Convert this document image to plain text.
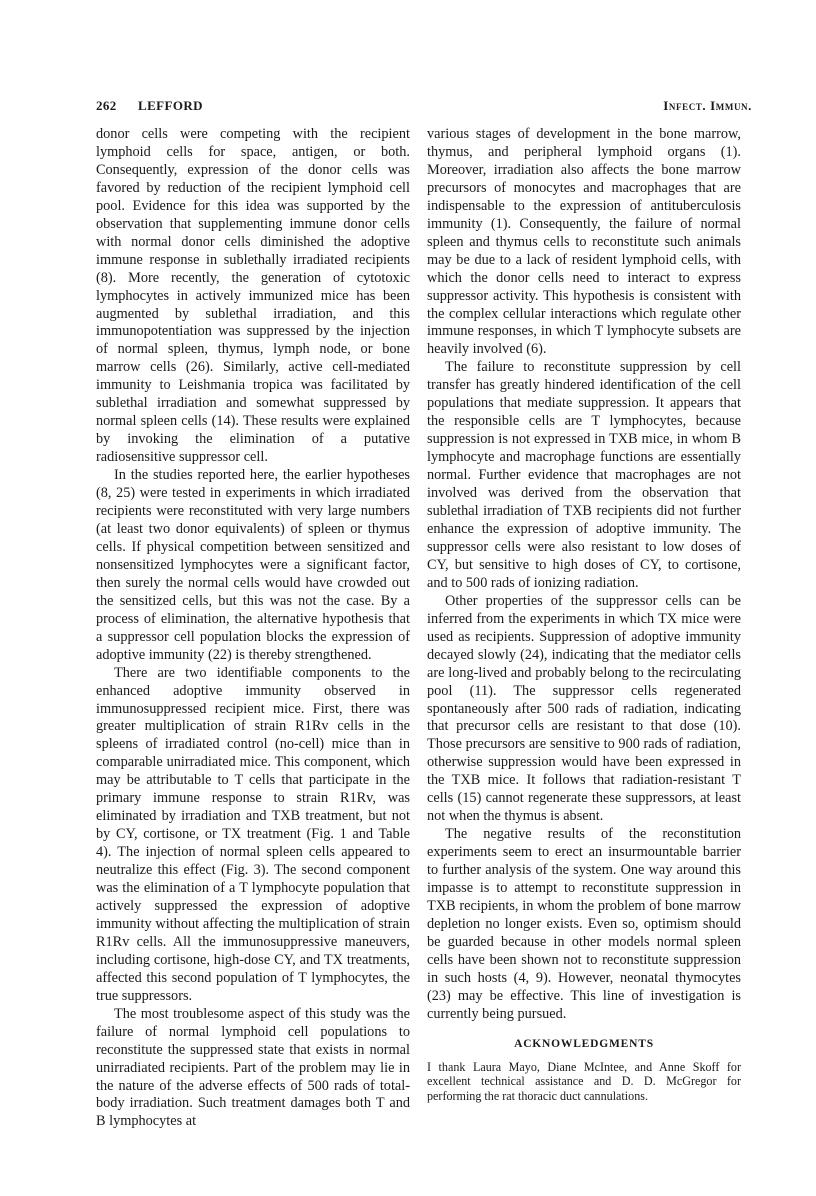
262 LEFFORD	Infect. Immun.

donor cells were competing with the recipient lymphoid cells for space, antigen, or both. Consequently, expression of the donor cells was favored by reduction of the recipient lymphoid cell pool. Evidence for this idea was supported by the observation that supplementing immune donor cells with normal donor cells diminished the adoptive immune response in sublethally irradiated recipients (8). More recently, the generation of cytotoxic lymphocytes in actively immunized mice has been augmented by sublethal irradiation, and this immunopotentiation was suppressed by the injection of normal spleen, thymus, lymph node, or bone marrow cells (26). Similarly, active cell-mediated immunity to Leishmania tropica was facilitated by sublethal irradiation and somewhat suppressed by normal spleen cells (14). These results were explained by invoking the elimination of a putative radiosensitive suppressor cell.

In the studies reported here, the earlier hypotheses (8, 25) were tested in experiments in which irradiated recipients were reconstituted with very large numbers (at least two donor equivalents) of spleen or thymus cells. If physical competition between sensitized and nonsensitized lymphocytes were a significant factor, then surely the normal cells would have crowded out the sensitized cells, but this was not the case. By a process of elimination, the alternative hypothesis that a suppressor cell population blocks the expression of adoptive immunity (22) is thereby strengthened.

There are two identifiable components to the enhanced adoptive immunity observed in immunosuppressed recipient mice. First, there was greater multiplication of strain R1Rv cells in the spleens of irradiated control (no-cell) mice than in comparable unirradiated mice. This component, which may be attributable to T cells that participate in the primary immune response to strain R1Rv, was eliminated by irradiation and TXB treatment, but not by CY, cortisone, or TX treatment (Fig. 1 and Table 4). The injection of normal spleen cells appeared to neutralize this effect (Fig. 3). The second component was the elimination of a T lymphocyte population that actively suppressed the expression of adoptive immunity without affecting the multiplication of strain R1Rv cells. All the immunosuppressive maneuvers, including cortisone, high-dose CY, and TX treatments, affected this second population of T lymphocytes, the true suppressors.

The most troublesome aspect of this study was the failure of normal lymphoid cell populations to reconstitute the suppressed state that exists in normal unirradiated recipients. Part of the problem may lie in the nature of the adverse effects of 500 rads of total-body irradiation. Such treatment damages both T and B lymphocytes at

various stages of development in the bone marrow, thymus, and peripheral lymphoid organs (1). Moreover, irradiation also affects the bone marrow precursors of monocytes and macrophages that are indispensable to the expression of antituberculosis immunity (1). Consequently, the failure of normal spleen and thymus cells to reconstitute such animals may be due to a lack of resident lymphoid cells, with which the donor cells need to interact to express suppressor activity. This hypothesis is consistent with the complex cellular interactions which regulate other immune responses, in which T lymphocyte subsets are heavily involved (6).

The failure to reconstitute suppression by cell transfer has greatly hindered identification of the cell populations that mediate suppression. It appears that the responsible cells are T lymphocytes, because suppression is not expressed in TXB mice, in whom B lymphocyte and macrophage functions are essentially normal. Further evidence that macrophages are not involved was derived from the observation that sublethal irradiation of TXB recipients did not further enhance the expression of adoptive immunity. The suppressor cells were also resistant to low doses of CY, but sensitive to high doses of CY, to cortisone, and to 500 rads of ionizing radiation.

Other properties of the suppressor cells can be inferred from the experiments in which TX mice were used as recipients. Suppression of adoptive immunity decayed slowly (24), indicating that the mediator cells are long-lived and probably belong to the recirculating pool (11). The suppressor cells regenerated spontaneously after 500 rads of radiation, indicating that precursor cells are resistant to that dose (10). Those precursors are sensitive to 900 rads of radiation, otherwise suppression would have been expressed in the TXB mice. It follows that radiation-resistant T cells (15) cannot regenerate these suppressors, at least not when the thymus is absent.

The negative results of the reconstitution experiments seem to erect an insurmountable barrier to further analysis of the system. One way around this impasse is to attempt to reconstitute suppression in TXB recipients, in whom the problem of bone marrow depletion no longer exists. Even so, optimism should be guarded because in other models normal spleen cells have been shown not to reconstitute suppression in such hosts (4, 9). However, neonatal thymocytes (23) may be effective. This line of investigation is currently being pursued.

ACKNOWLEDGMENTS

I thank Laura Mayo, Diane McIntee, and Anne Skoff for excellent technical assistance and D. D. McGregor for performing the rat thoracic duct cannulations.
